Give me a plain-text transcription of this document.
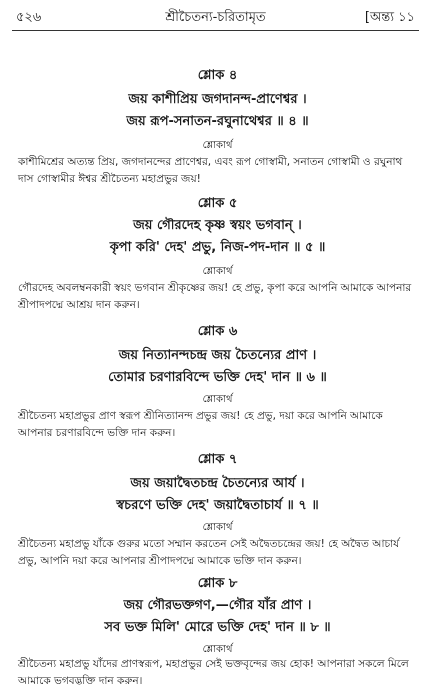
৫২৬	শ্রীচৈতন্য-চরিতামৃত	[অন্ত্য ১১
শ্লোক ৪
জয় কাশীপ্রিয় জগদানন্দ-প্রাণেশ্বর ।
জয় রূপ-সনাতন-রঘুনাথেশ্বর ॥ ৪ ॥
শ্লোকার্থ
কাশীমিশ্রের অত্যন্ত প্রিয়, জগদানন্দের প্রাণেশ্বর, এবং রূপ গোস্বামী, সনাতন গোস্বামী ও রঘুনাথ দাস গোস্বামীর ঈশ্বর শ্রীচৈতন্য মহাপ্রভুর জয়!
শ্লোক ৫
জয় গৌরদেহ কৃষ্ণ স্বয়ং ভগবান্ ।
কৃপা করি' দেহ' প্রভু, নিজ-পদ-দান ॥ ৫ ॥
শ্লোকার্থ
গৌরদেহ অবলম্বনকারী স্বয়ং ভগবান শ্রীকৃষ্ণের জয়! হে প্রভু, কৃপা করে আপনি আমাকে আপনার শ্রীপাদপদ্মে আশ্রয় দান করুন।
শ্লোক ৬
জয় নিত্যানন্দচন্দ্র জয় চৈতন্যের প্রাণ ।
তোমার চরণারবিন্দে ভক্তি দেহ' দান ॥ ৬ ॥
শ্লোকার্থ
শ্রীচৈতন্য মহাপ্রভুর প্রাণ স্বরূপ শ্রীনিত্যানন্দ প্রভুর জয়! হে প্রভু, দয়া করে আপনি আমাকে আপনার চরণারবিন্দে ভক্তি দান করুন।
শ্লোক ৭
জয় জয়াদ্বৈতচন্দ্র চৈতন্যের আর্য ।
স্বচরণে ভক্তি দেহ' জয়াদ্বৈতাচার্য ॥ ৭ ॥
শ্লোকার্থ
শ্রীচৈতন্য মহাপ্রভু যাঁকে গুরুর মতো সম্মান করতেন সেই অদ্বৈতচন্দ্রের জয়! হে অদ্বৈত আচার্য প্রভু, আপনি দয়া করে আপনার শ্রীপাদপদ্মে আমাকে ভক্তি দান করুন।
শ্লোক ৮
জয় গৌরভক্তগণ,—গৌর যাঁর প্রাণ ।
সব ভক্ত মিলি' মোরে ভক্তি দেহ' দান ॥ ৮ ॥
শ্লোকার্থ
শ্রীচৈতন্য মহাপ্রভু যাঁদের প্রাণস্বরূপ, মহাপ্রভুর সেই ভক্তবৃন্দের জয় হোক! আপনারা সকলে মিলে আমাকে ভগবদ্ভক্তি দান করুন।
